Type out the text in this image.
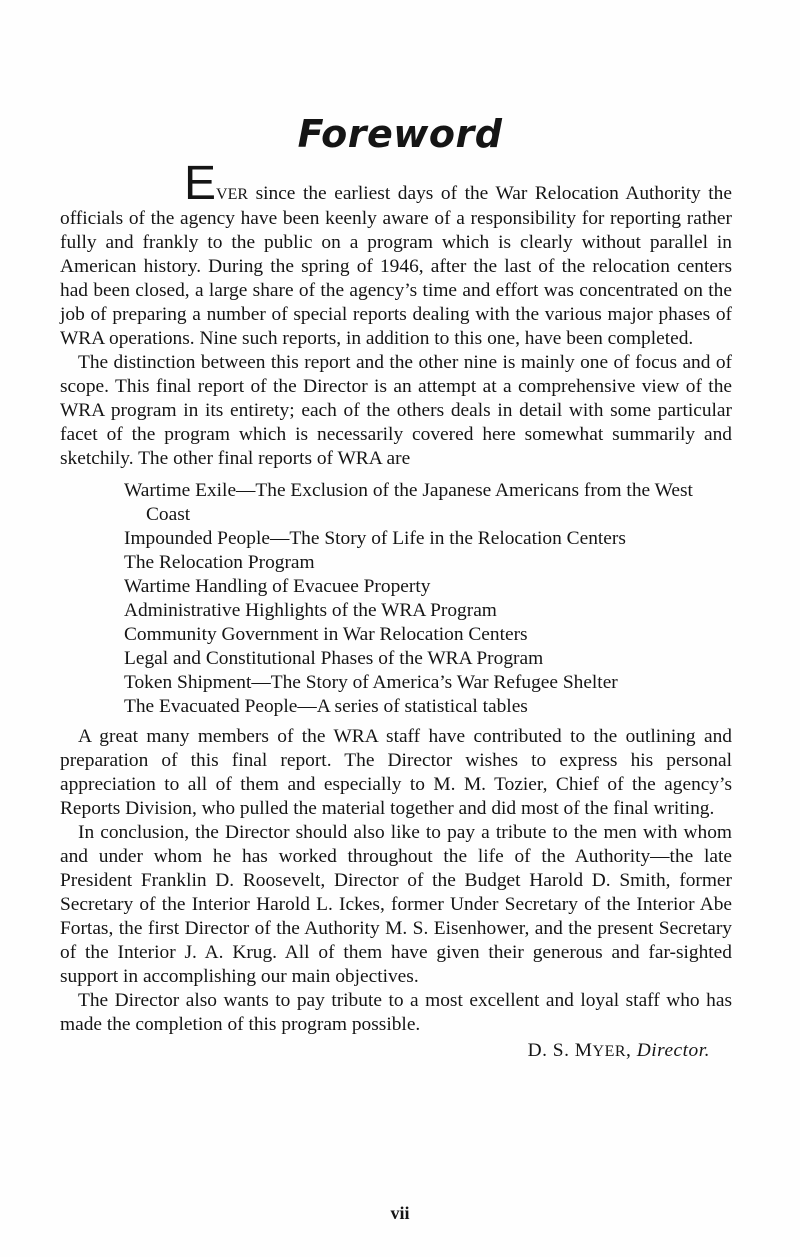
Foreword

EVER since the earliest days of the War Relocation Authority the officials of the agency have been keenly aware of a responsibility for reporting rather fully and frankly to the public on a program which is clearly without parallel in American history. During the spring of 1946, after the last of the relocation centers had been closed, a large share of the agency’s time and effort was concentrated on the job of preparing a number of special reports dealing with the various major phases of WRA operations. Nine such reports, in addition to this one, have been completed.

The distinction between this report and the other nine is mainly one of focus and of scope. This final report of the Director is an attempt at a comprehensive view of the WRA program in its entirety; each of the others deals in detail with some particular facet of the program which is necessarily covered here somewhat summarily and sketchily. The other final reports of WRA are

Wartime Exile—The Exclusion of the Japanese Americans from the West Coast
Impounded People—The Story of Life in the Relocation Centers
The Relocation Program
Wartime Handling of Evacuee Property
Administrative Highlights of the WRA Program
Community Government in War Relocation Centers
Legal and Constitutional Phases of the WRA Program
Token Shipment—The Story of America’s War Refugee Shelter
The Evacuated People—A series of statistical tables

A great many members of the WRA staff have contributed to the outlining and preparation of this final report. The Director wishes to express his personal appreciation to all of them and especially to M. M. Tozier, Chief of the agency’s Reports Division, who pulled the material together and did most of the final writing.

In conclusion, the Director should also like to pay a tribute to the men with whom and under whom he has worked throughout the life of the Authority—the late President Franklin D. Roosevelt, Director of the Budget Harold D. Smith, former Secretary of the Interior Harold L. Ickes, former Under Secretary of the Interior Abe Fortas, the first Director of the Authority M. S. Eisenhower, and the present Secretary of the Interior J. A. Krug. All of them have given their generous and far-sighted support in accomplishing our main objectives.

The Director also wants to pay tribute to a most excellent and loyal staff who has made the completion of this program possible.

D. S. MYER, Director.

vii
